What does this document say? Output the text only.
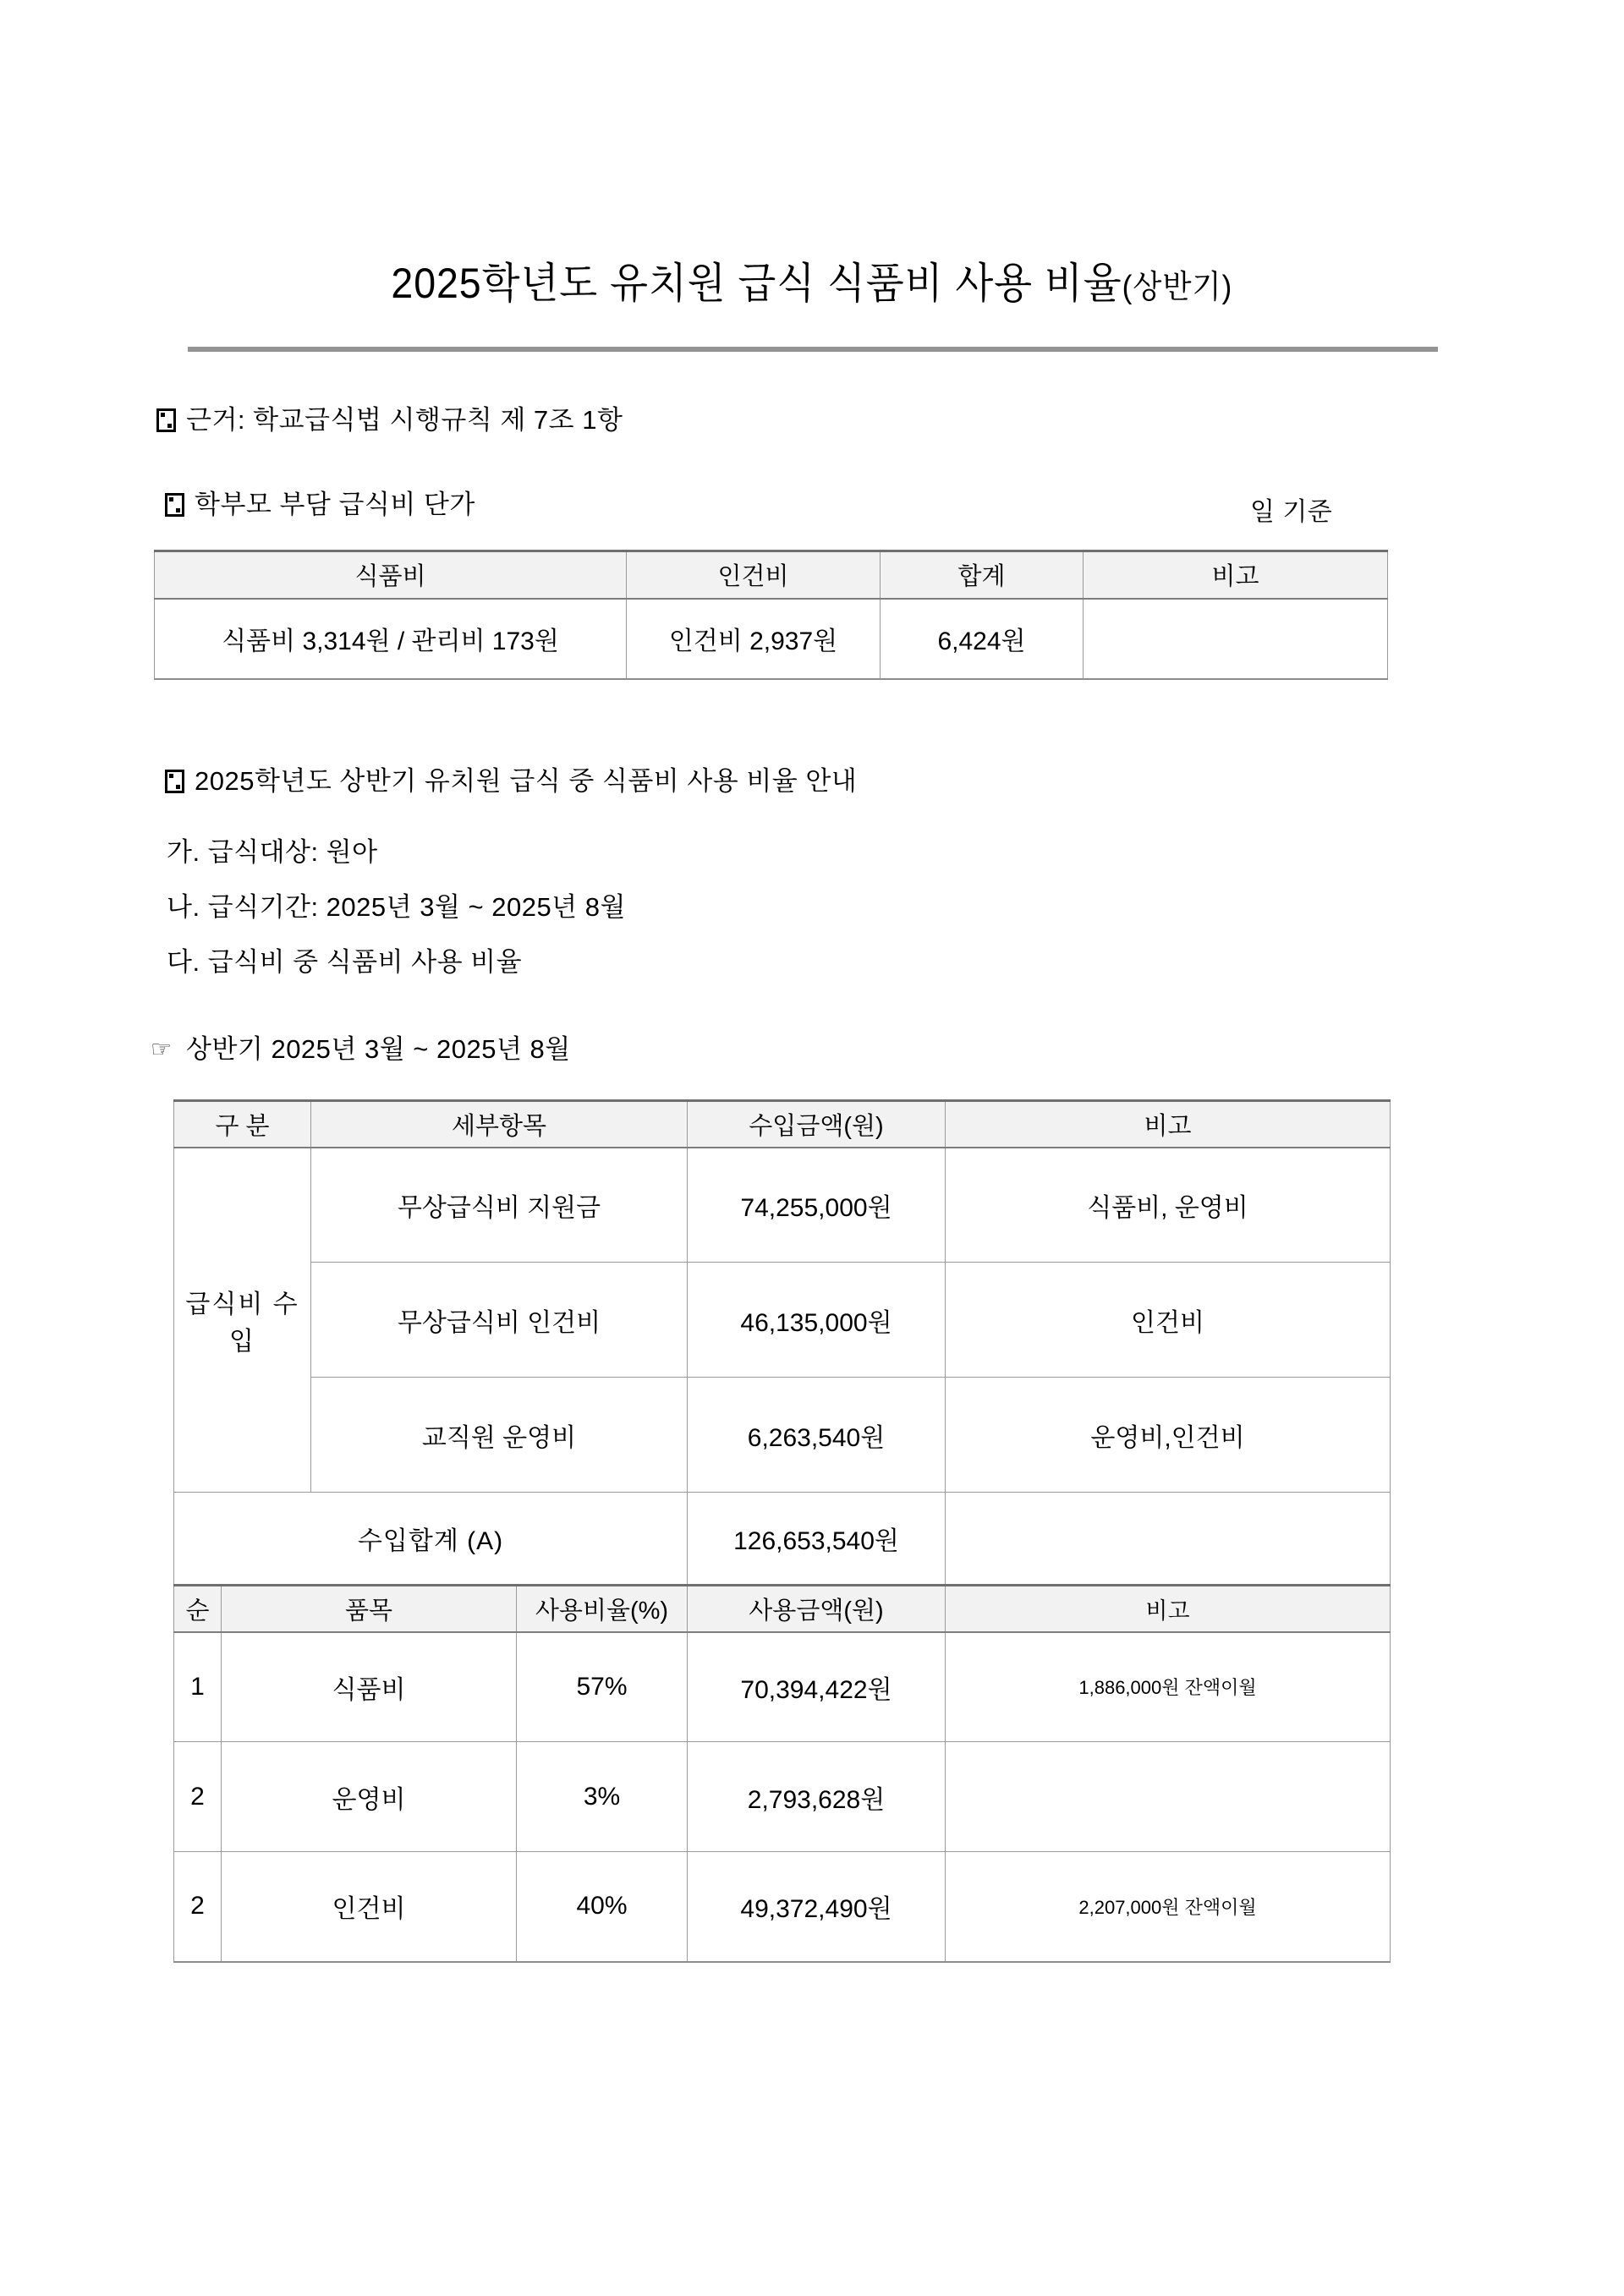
2025학년도 유치원 급식 식품비 사용 비율(상반기)
근거: 학교급식법 시행규칙 제 7조 1항
학부모 부담 급식비 단가	일 기준
식품비	인건비	합계	비고
식품비 3,314원 / 관리비 173원	인건비 2,937원	6,424원	
2025학년도 상반기 유치원 급식 중 식품비 사용 비율 안내
가. 급식대상: 원아
나. 급식기간: 2025년 3월 ~ 2025년 8월
다. 급식비 중 식품비 사용 비율
☞ 상반기 2025년 3월 ~ 2025년 8월
구 분		세부항목		수입금액(원)	비고
급식비 수입		무상급식비 지원금		74,255,000원	식품비, 운영비
		무상급식비 인건비		46,135,000원	인건비
		교직원 운영비		6,263,540원	운영비,인건비
수입합계 (A)				126,653,540원	
순	품목		사용비율(%)	사용금액(원)	비고
1	식품비		57%	70,394,422원	1,886,000원 잔액이월
2	운영비		3%	2,793,628원	
2	인건비		40%	49,372,490원	2,207,000원 잔액이월
